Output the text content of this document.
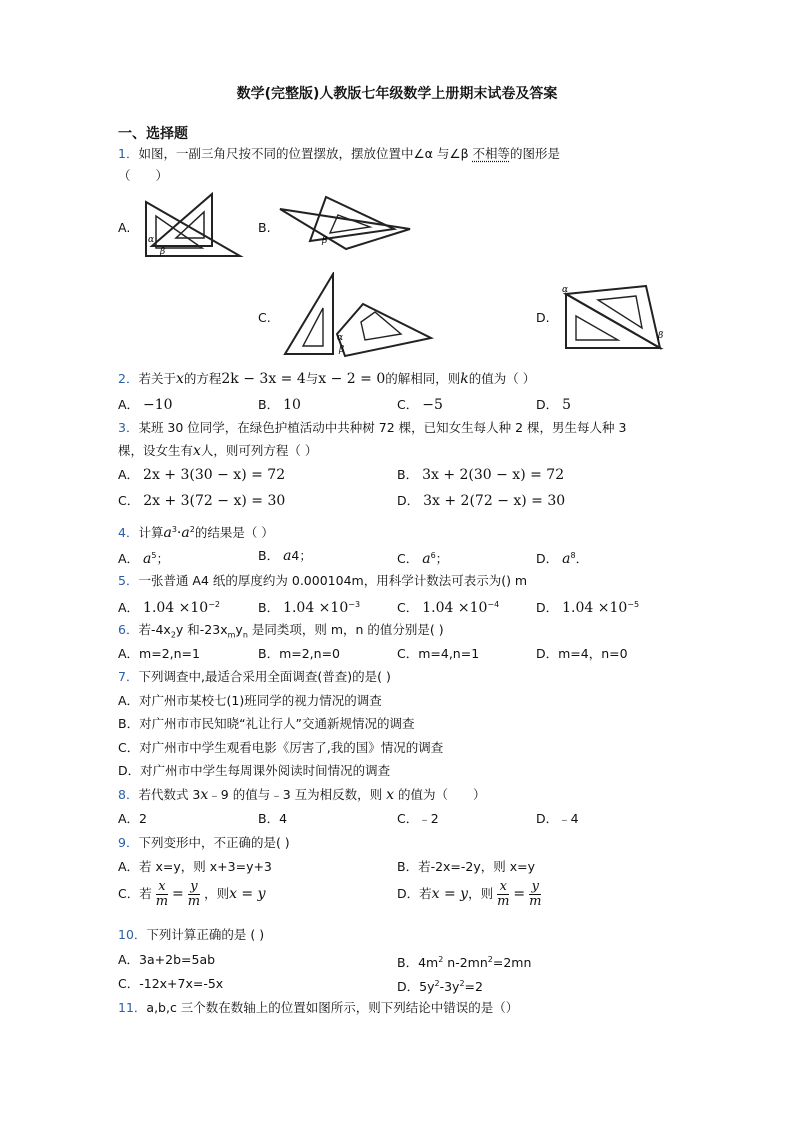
数学(完整版)人教版七年级数学上册期末试卷及答案
一、选择题
1．如图，一副三角尺按不同的位置摆放，摆放位置中∠α 与∠β 不相等的图形是
（　　）
A.
α
β
B.
β
C.
α
β
D.
α
β
2．若关于x的方程2k − 3x = 4与x − 2 = 0的解相同，则k的值为（ ）
A． −10	B． 10	C． −5	D． 5
3．某班 30 位同学，在绿色护植活动中共种树 72 棵，已知女生每人种 2 棵，男生每人种 3
棵，设女生有x人，则可列方程（ ）
A． 2x + 3(30 − x) = 72	B． 3x + 2(30 − x) = 72
C． 2x + 3(72 − x) = 30	D． 3x + 2(72 − x) = 30
4．计算$a^3\cdot a^2$的结果是（ ）
A． $a^5$；	B． a4；	C． $a^6$；	D． $a^8$．
5．一张普通 A4 纸的厚度约为 0.000104m，用科学计数法可表示为() m
A． $1.04 \times 10^{-2}$	B． $1.04 \times 10^{-3}$	C． $1.04 \times 10^{-4}$	D． $1.04 \times 10^{-5}$
6．若$-4x_2y$ 和$-23x_my_n$ 是同类项，则 m，n 的值分别是( )
A．m=2,n=1	B．m=2,n=0	C．m=4,n=1	D．m=4，n=0
7．下列调查中,最适合采用全面调查(普查)的是( )
A．对广州市某校七(1)班同学的视力情况的调查
B．对广州市市民知晓“礼让行人”交通新规情况的调查
C．对广州市中学生观看电影《厉害了,我的国》情况的调查
D．对广州市中学生每周课外阅读时间情况的调查
8．若代数式 3x﹣9 的值与﹣3 互为相反数，则 x 的值为（　　）
A．2	B．4	C．﹣2	D．﹣4
9．下列变形中，不正确的是( )
A．若 x=y，则 x+3=y+3	B．若-2x=-2y，则 x=y
C．若 $\frac{x}{m} = \frac{y}{m}$ ，则x = y	D．若x = y，则 $\frac{x}{m} = \frac{y}{m}$
10．下列计算正确的是 ( )
A．3a+2b=5ab	B．$4m^2$ $n-2mn^2=2mn$
C．-12x+7x=-5x	D．$5y^2-3y^2=2$
11．a,b,c 三个数在数轴上的位置如图所示，则下列结论中错误的是（）
